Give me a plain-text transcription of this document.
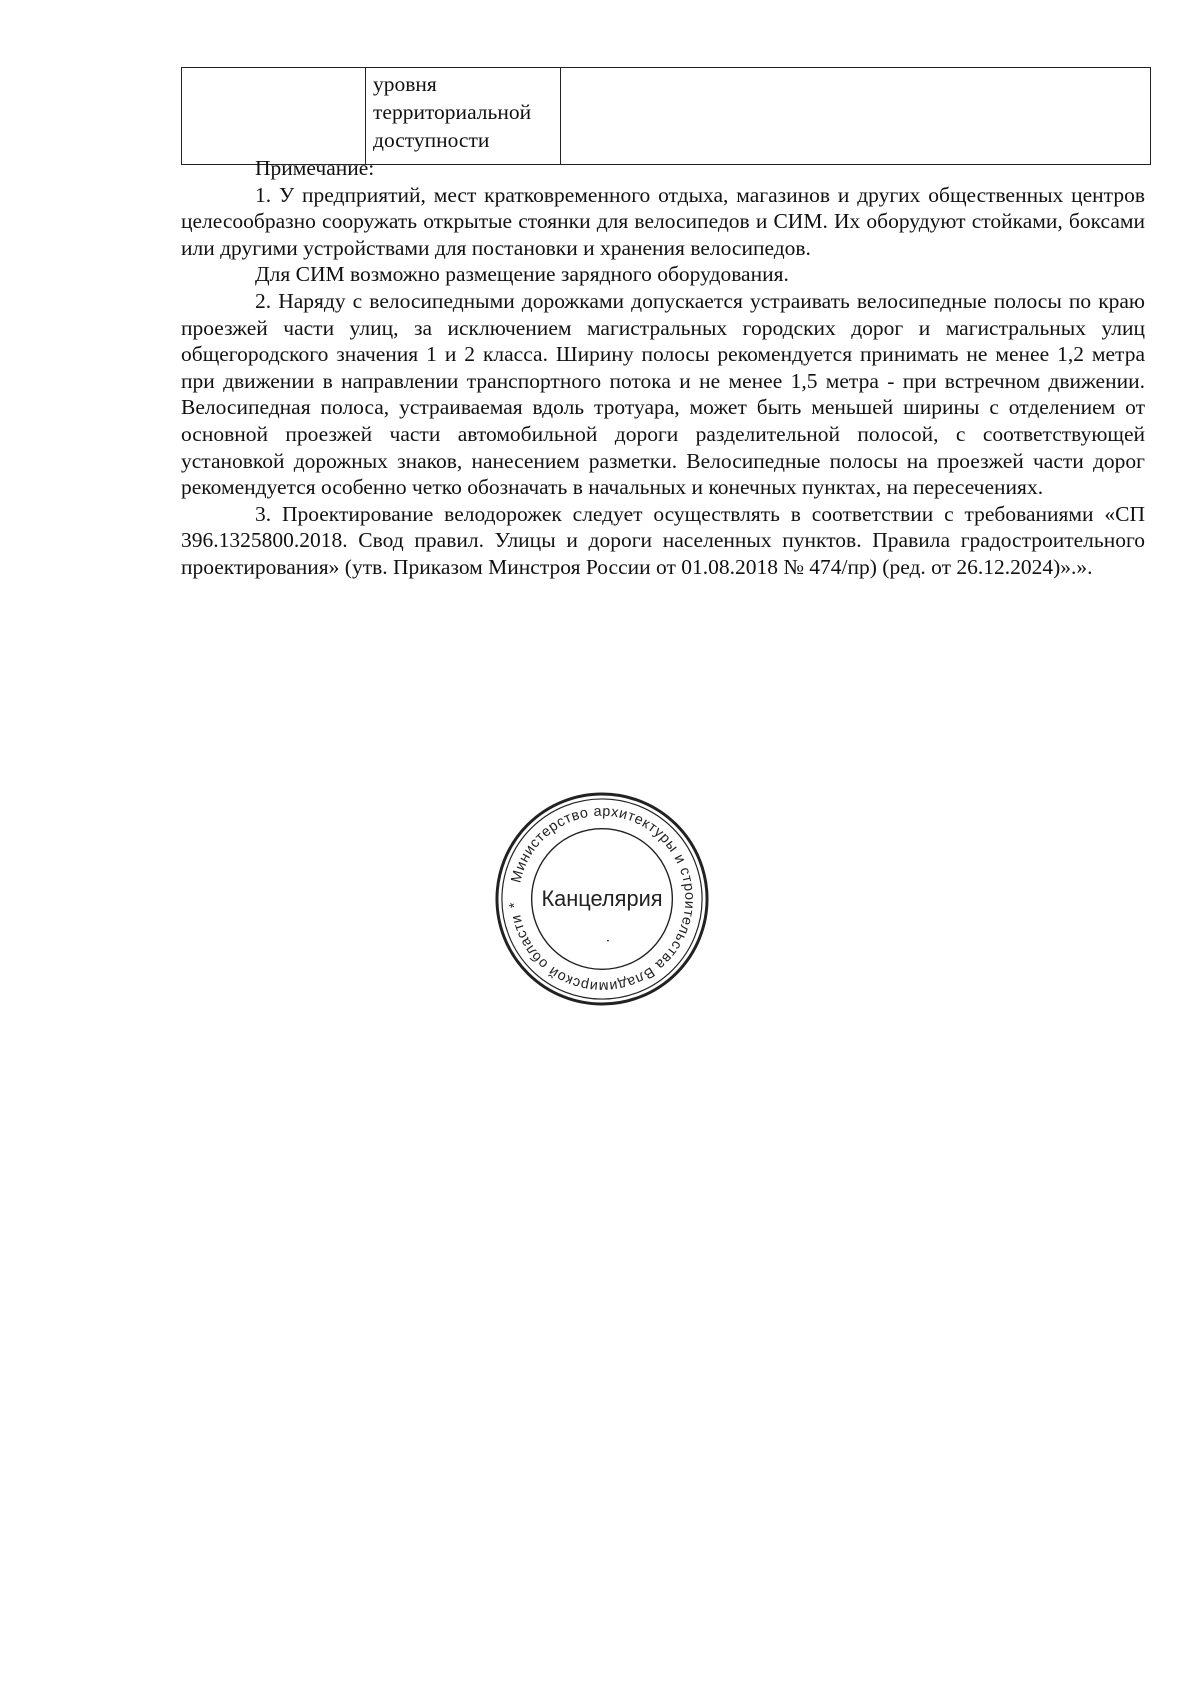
уровня
территориальной
доступности

Примечание:

1. У предприятий, мест кратковременного отдыха, магазинов и других общественных центров целесообразно сооружать открытые стоянки для велосипедов и СИМ. Их оборудуют стойками, боксами или другими устройствами для постановки и хранения велосипедов.

Для СИМ возможно размещение зарядного оборудования.

2. Наряду с велосипедными дорожками допускается устраивать велосипедные полосы по краю проезжей части улиц, за исключением магистральных городских дорог и магистральных улиц общегородского значения 1 и 2 класса. Ширину полосы рекомендуется принимать не менее 1,2 метра при движении в направлении транспортного потока и не менее 1,5 метра - при встречном движении. Велосипедная полоса, устраиваемая вдоль тротуара, может быть меньшей ширины с отделением от основной проезжей части автомобильной дороги разделительной полосой, с соответствующей установкой дорожных знаков, нанесением разметки. Велосипедные полосы на проезжей части дорог рекомендуется особенно четко обозначать в начальных и конечных пунктах, на пересечениях.

3. Проектирование велодорожек следует осуществлять в соответствии с требованиями «СП 396.1325800.2018. Свод правил. Улицы и дороги населенных пунктов. Правила градостроительного проектирования» (утв. Приказом Минстроя России от 01.08.2018 № 474/пр) (ред. от 26.12.2024)».».

Министерство архитектуры и строительства Владимирской области* Канцелярия
